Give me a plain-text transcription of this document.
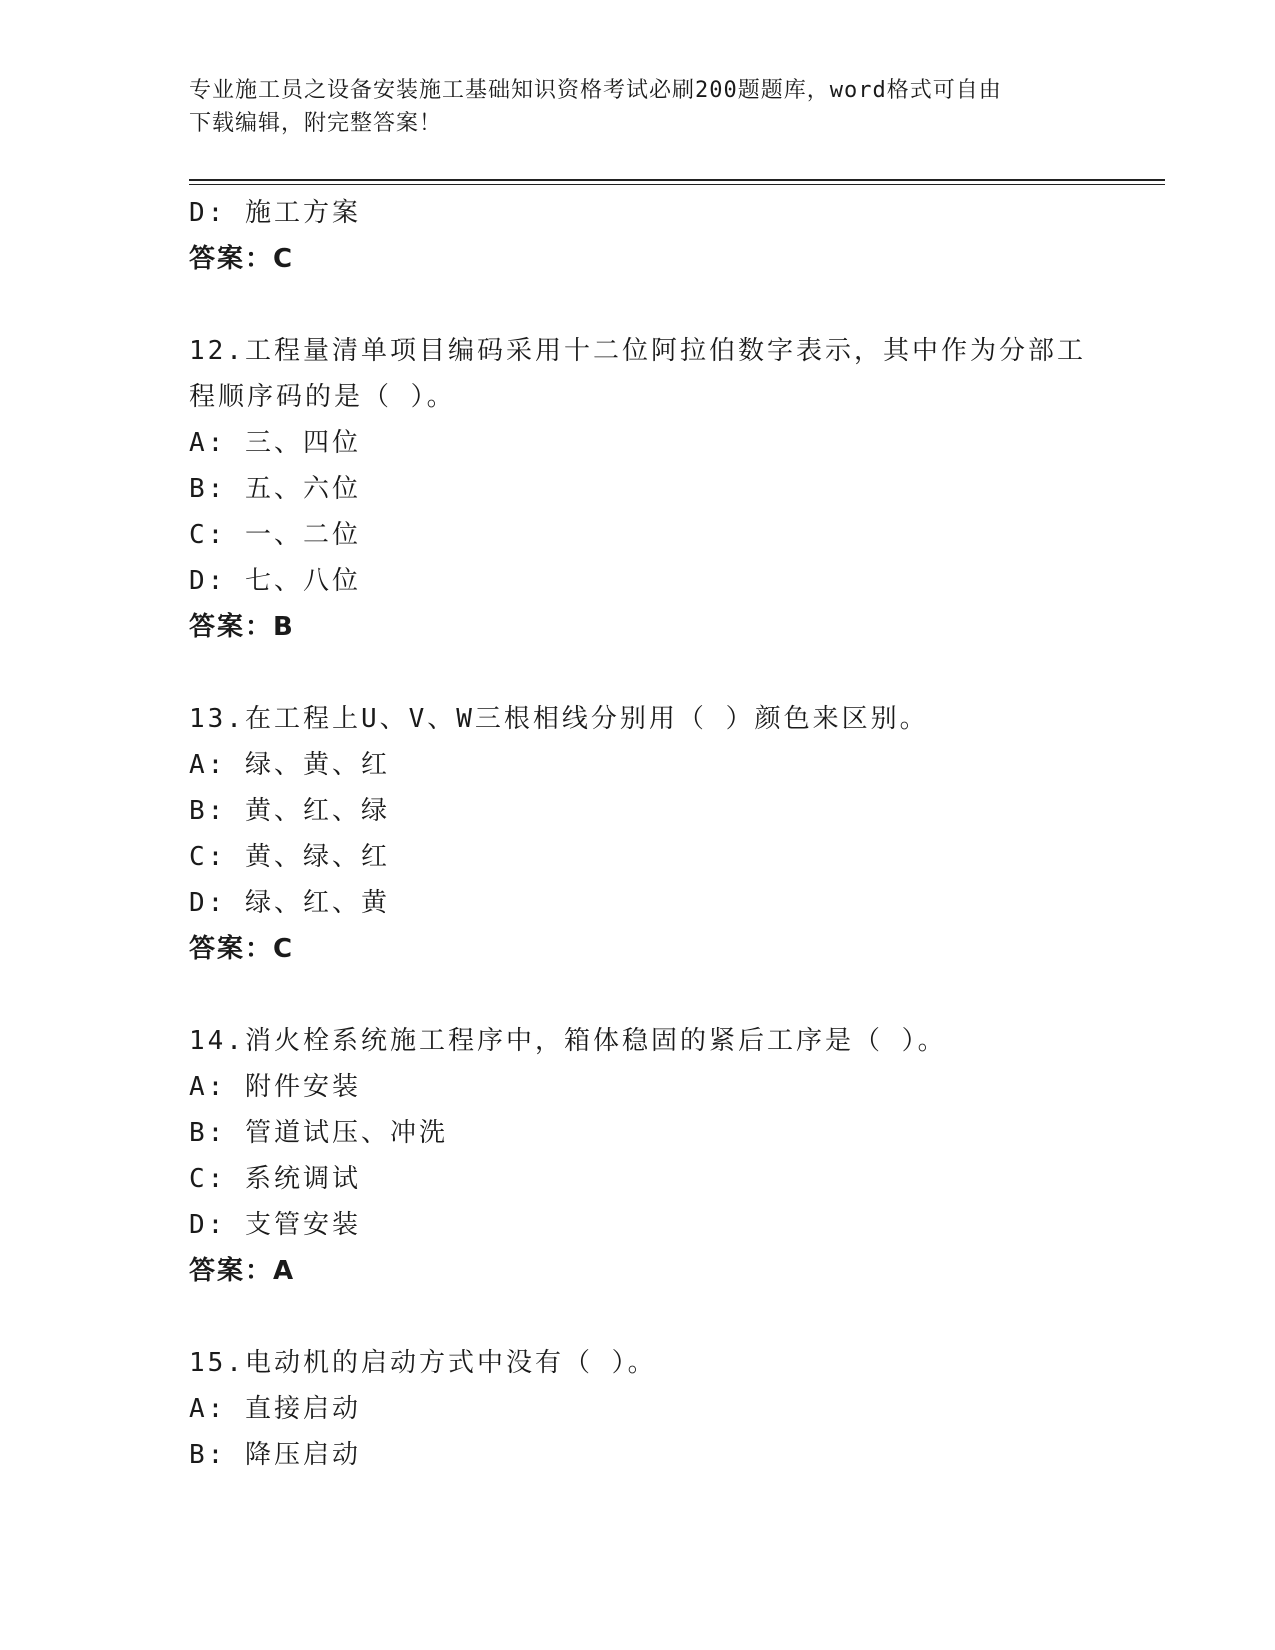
专业施工员之设备安装施工基础知识资格考试必刷200题题库，word格式可自由
下载编辑，附完整答案！
D: 施工方案
答案：C
12.工程量清单项目编码采用十二位阿拉伯数字表示，其中作为分部工
程顺序码的是（ ）。
A: 三、四位
B: 五、六位
C: 一、二位
D: 七、八位
答案：B
13.在工程上U、V、W三根相线分别用（ ）颜色来区别。
A: 绿、黄、红
B: 黄、红、绿
C: 黄、绿、红
D: 绿、红、黄
答案：C
14.消火栓系统施工程序中，箱体稳固的紧后工序是（ ）。
A: 附件安装
B: 管道试压、冲洗
C: 系统调试
D: 支管安装
答案：A
15.电动机的启动方式中没有（ ）。
A: 直接启动
B: 降压启动
